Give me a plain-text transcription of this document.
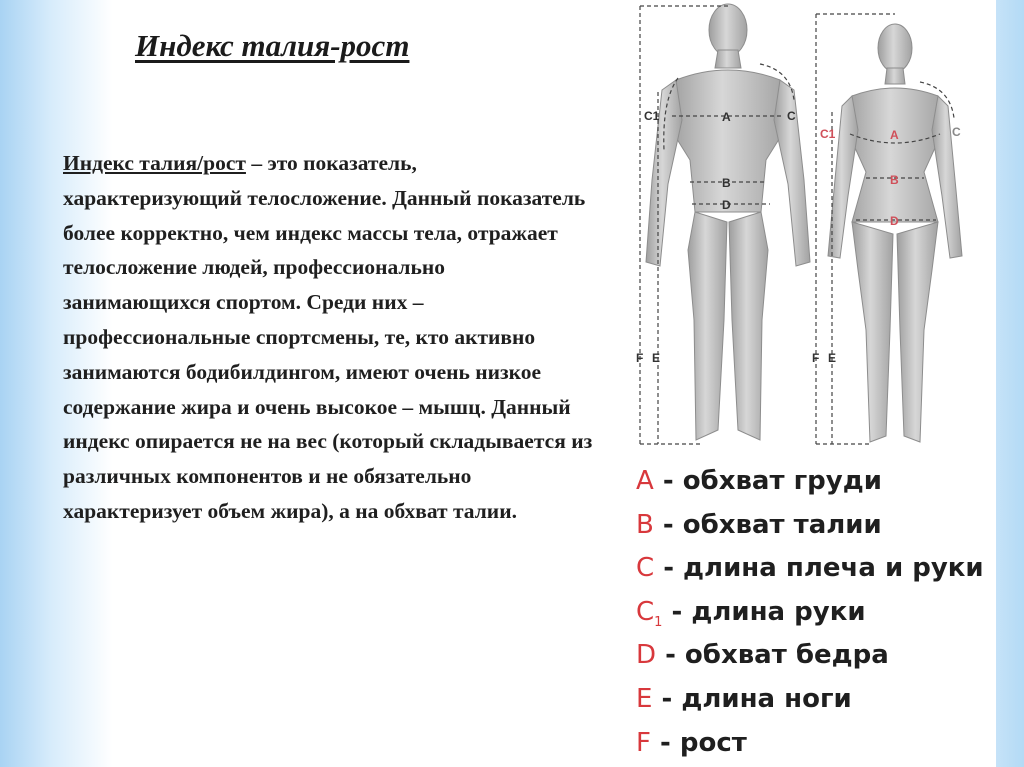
Индекс талия-рост

Индекс талия/рост – это показатель, характеризующий телосложение. Данный показатель более корректно, чем индекс массы тела, отражает телосложение людей, профессионально занимающихся спортом. Среди них – профессиональные спортсмены, те, кто активно занимаются бодибилдингом, имеют очень низкое содержание жира и очень высокое – мышц. Данный индекс опирается не на вес (который складывается из различных компонентов и не обязательно характеризует объем жира), а на обхват талии.

A
B
D
C
C1
F E
A
B
D
C
C1
F E
A - обхват груди
B - обхват талии
C - длина плеча и руки
$C_1$ - длина руки
D - обхват бедра
E - длина ноги
F - рост
